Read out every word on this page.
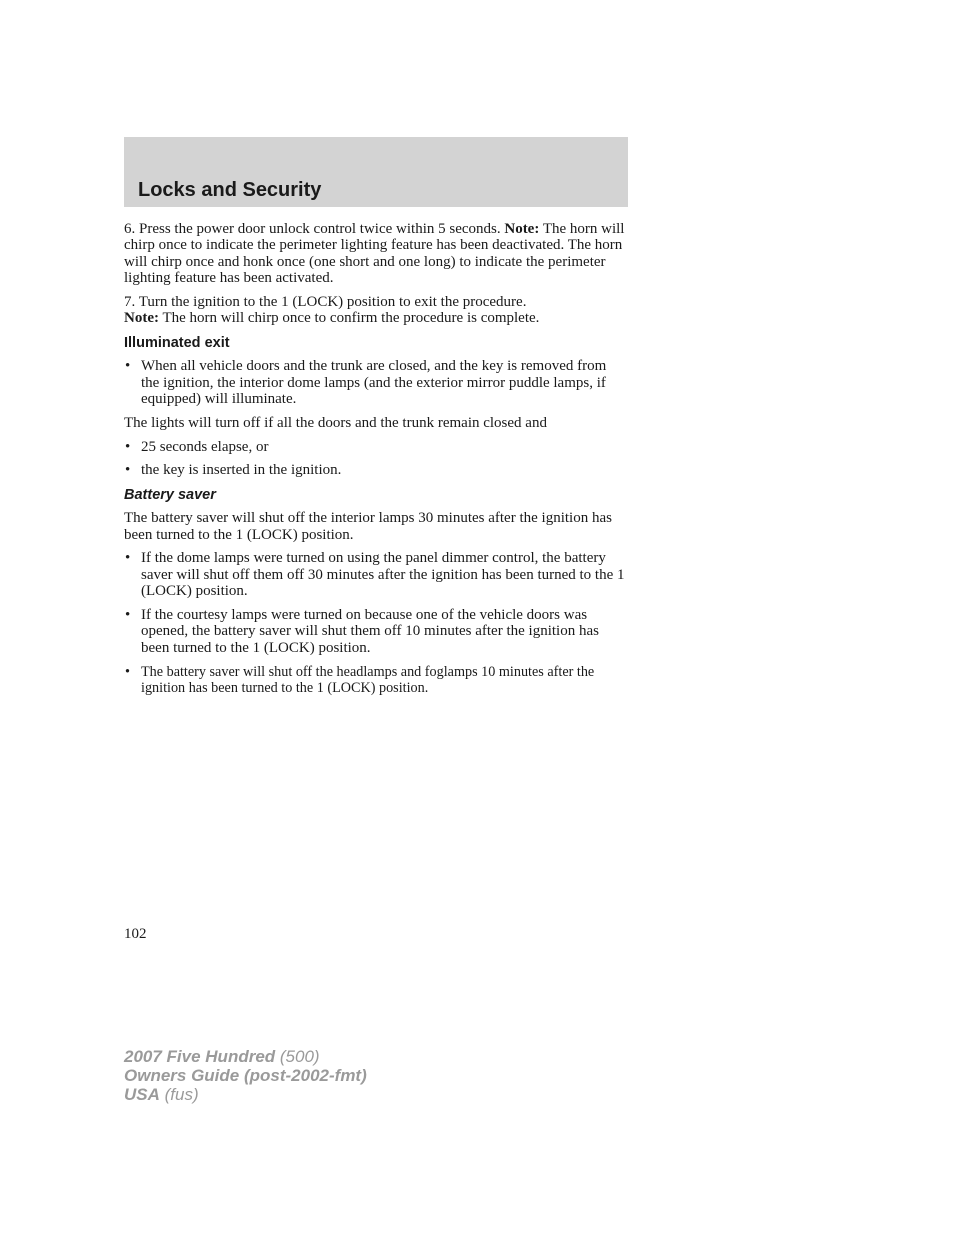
Locks and Security

6. Press the power door unlock control twice within 5 seconds. Note: The horn will chirp once to indicate the perimeter lighting feature has been deactivated. The horn will chirp once and honk once (one short and one long) to indicate the perimeter lighting feature has been activated.

7. Turn the ignition to the 1 (LOCK) position to exit the procedure.
Note: The horn will chirp once to confirm the procedure is complete.

Illuminated exit
• When all vehicle doors and the trunk are closed, and the key is removed from the ignition, the interior dome lamps (and the exterior mirror puddle lamps, if equipped) will illuminate.

The lights will turn off if all the doors and the trunk remain closed and

• 25 seconds elapse, or
• the key is inserted in the ignition.
Battery saver

The battery saver will shut off the interior lamps 30 minutes after the ignition has been turned to the 1 (LOCK) position.

• If the dome lamps were turned on using the panel dimmer control, the battery saver will shut off them off 30 minutes after the ignition has been turned to the 1 (LOCK) position.
• If the courtesy lamps were turned on because one of the vehicle doors was opened, the battery saver will shut them off 10 minutes after the ignition has been turned to the 1 (LOCK) position.
• The battery saver will shut off the headlamps and foglamps 10 minutes after the ignition has been turned to the 1 (LOCK) position.

102

2007 Five Hundred (500)
Owners Guide (post-2002-fmt)
USA (fus)
